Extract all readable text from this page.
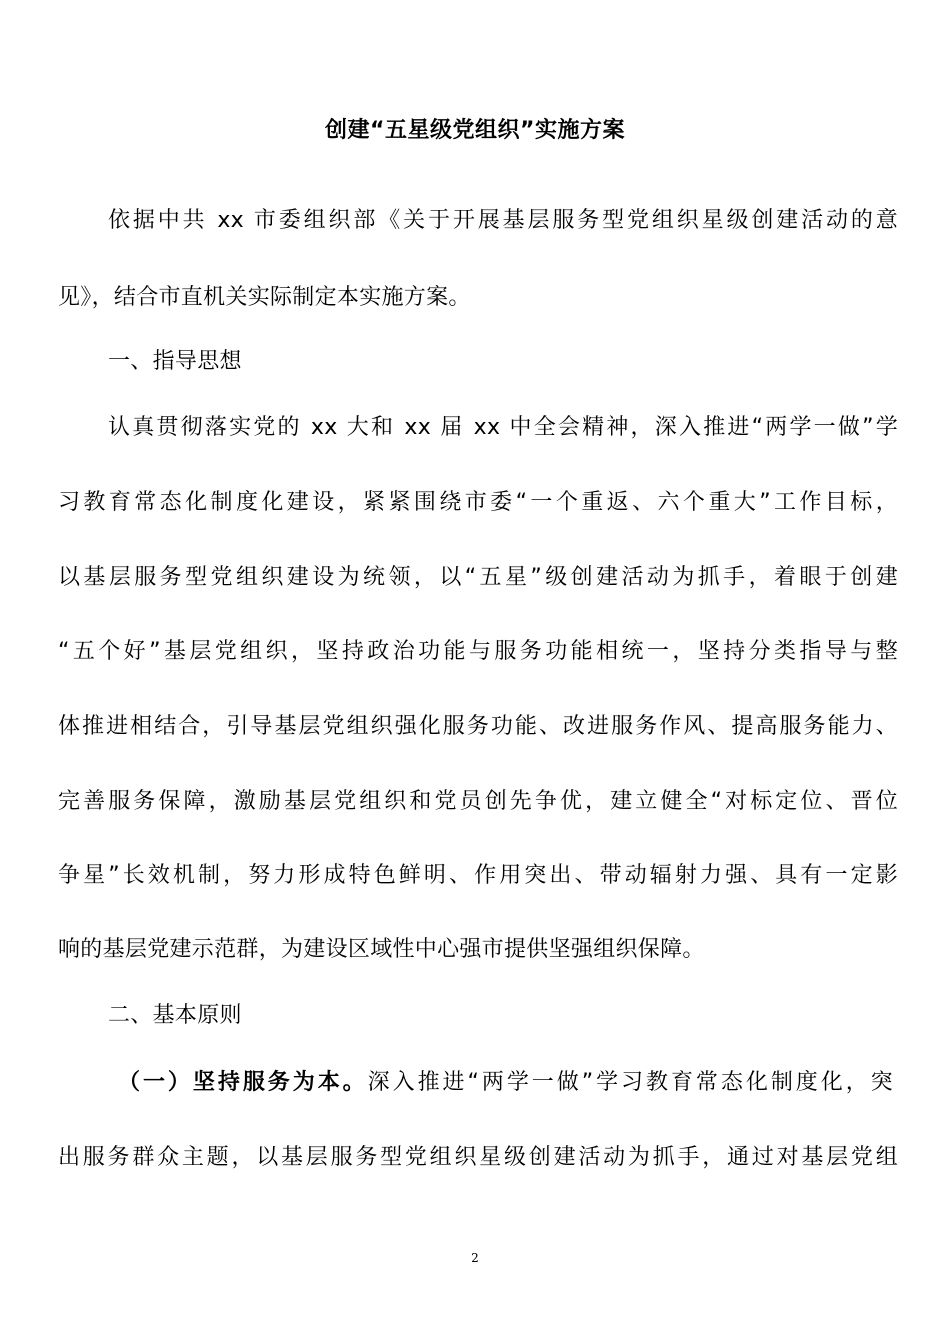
创建“五星级党组织”实施方案
依据中共 xx 市委组织部《关于开展基层服务型党组织星级创建活动的意
见》，结合市直机关实际制定本实施方案。
一、指导思想
认真贯彻落实党的 xx 大和 xx 届 xx 中全会精神，深入推进“两学一做”学
习教育常态化制度化建设，紧紧围绕市委“一个重返、六个重大”工作目标，
以基层服务型党组织建设为统领，以“五星”级创建活动为抓手，着眼于创建
“五个好”基层党组织，坚持政治功能与服务功能相统一，坚持分类指导与整
体推进相结合，引导基层党组织强化服务功能、改进服务作风、提高服务能力、
完善服务保障，激励基层党组织和党员创先争优，建立健全“对标定位、晋位
争星”长效机制，努力形成特色鲜明、作用突出、带动辐射力强、具有一定影
响的基层党建示范群，为建设区域性中心强市提供坚强组织保障。
二、基本原则
（一）坚持服务为本。深入推进“两学一做”学习教育常态化制度化，突
出服务群众主题，以基层服务型党组织星级创建活动为抓手，通过对基层党组
2
